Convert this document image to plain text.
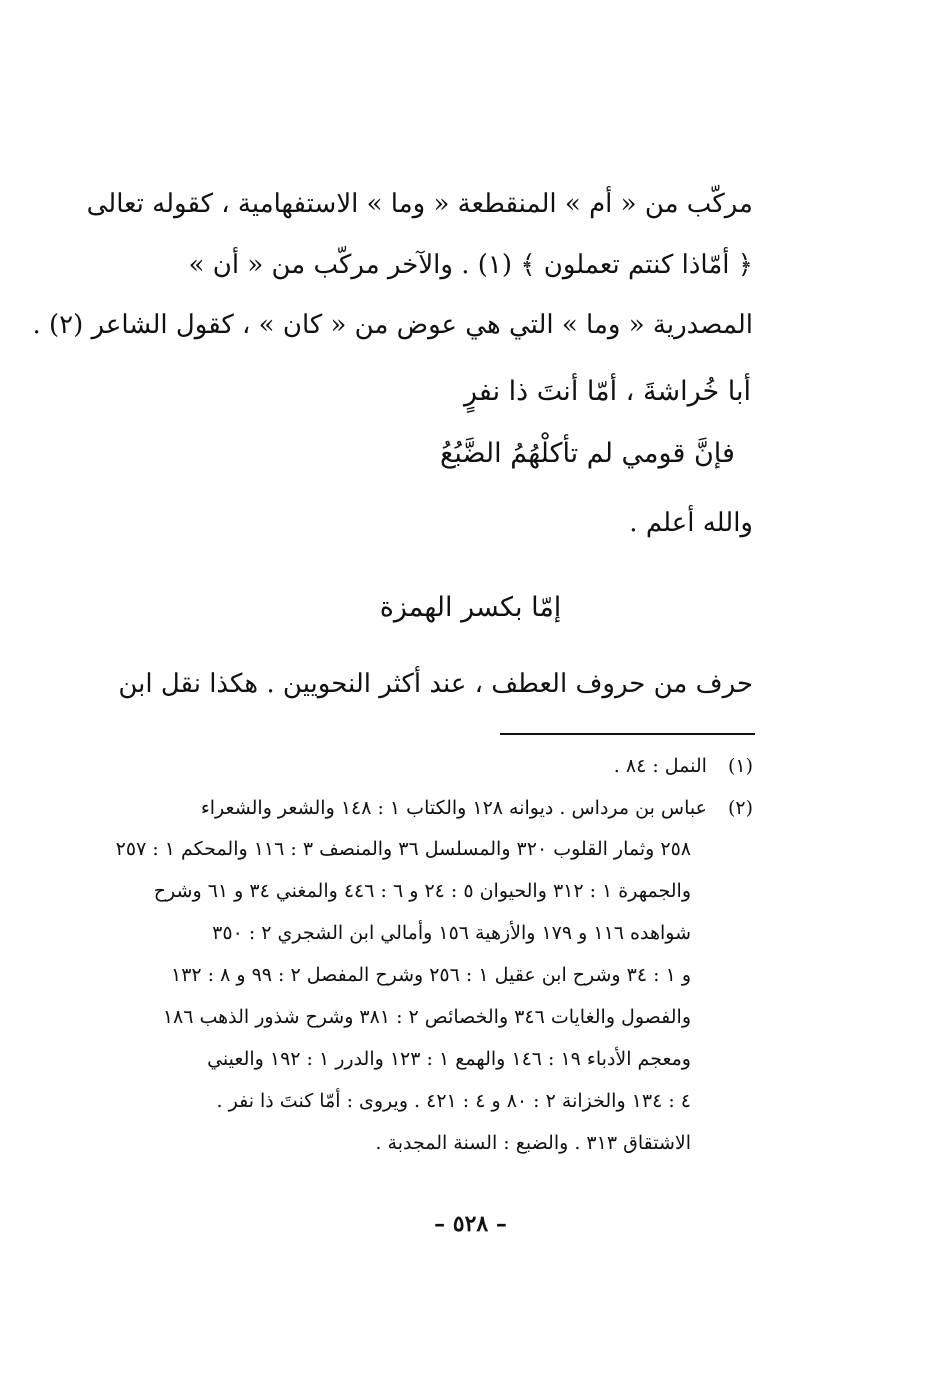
مركّب من « أم » المنقطعة « وما » الاستفهامية ، كقوله تعالى
﴿ أمّاذا كنتم تعملون ﴾ (١) . والآخر مركّب من « أن »
المصدرية « وما » التي هي عوض من « كان » ، كقول الشاعر (٢) .
أبا خُراشةَ ، أمّا أنتَ ذا نفرٍ
فإنَّ قومي لم تأكلْهُمُ الضَّبُعُ
والله أعلم .
إمّا بكسر الهمزة
حرف من حروف العطف ، عند أكثر النحويين . هكذا نقل ابن
(١) النمل : ٨٤ .
(٢) عباس بن مرداس . ديوانه ١٢٨ والكتاب ١ : ١٤٨ والشعر والشعراء
٢٥٨ وثمار القلوب ٣٢٠ والمسلسل ٣٦ والمنصف ٣ : ١١٦ والمحكم ١ : ٢٥٧
والجمهرة ١ : ٣١٢ والحيوان ٥ : ٢٤ و ٦ : ٤٤٦ والمغني ٣٤ و ٦١ وشرح
شواهده ١١٦ و ١٧٩ والأزهية ١٥٦ وأمالي ابن الشجري ٢ : ٣٥٠
و ١ : ٣٤ وشرح ابن عقيل ١ : ٢٥٦ وشرح المفصل ٢ : ٩٩ و ٨ : ١٣٢
والفصول والغايات ٣٤٦ والخصائص ٢ : ٣٨١ وشرح شذور الذهب ١٨٦
ومعجم الأدباء ١٩ : ١٤٦ والهمع ١ : ١٢٣ والدرر ١ : ١٩٢ والعيني
٤ : ١٣٤ والخزانة ٢ : ٨٠ و ٤ : ٤٢١ . ويروى : أمّا كنتَ ذا نفر .
الاشتقاق ٣١٣ . والضبع : السنة المجدبة .
– ٥٢٨ –
